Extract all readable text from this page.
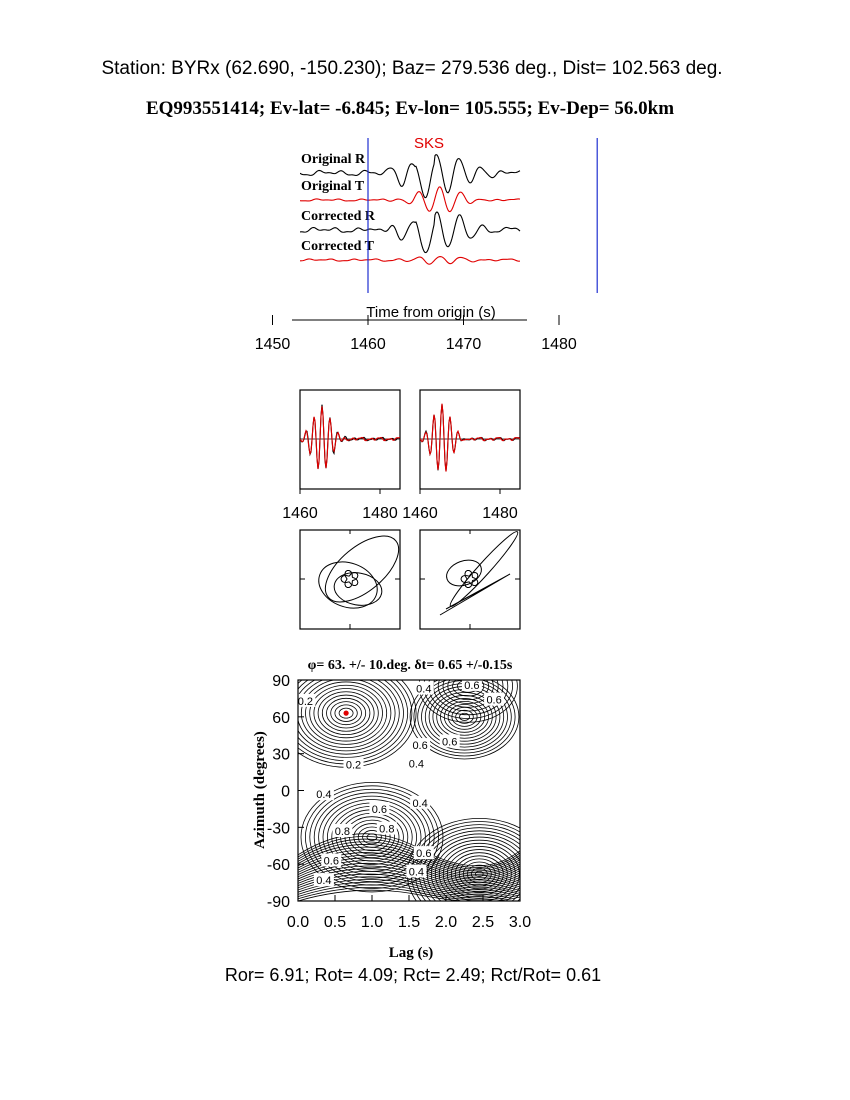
Station: BYRx (62.690, -150.230); Baz= 279.536 deg., Dist= 102.563 deg.
EQ993551414; Ev-lat= -6.845; Ev-lon= 105.555; Ev-Dep= 56.0km
SKS
Original R
Original T
Corrected R
Corrected T
Time from origin (s)
1450	1460	1470	1480
1460	1480 1460	1480
φ= 63. +/- 10.deg. δt= 0.65 +/-0.15s
0.2
0.4	0.6
0.6
0.6 0.6
0.4
0.2
0.4
0.6
0.4
0.8	0.8
0.6
0.6
0.4
0.4
0.0 0.5 1.0 1.5 2.0 2.5 3.0
90
60
30
0
-30
-60
-90
Lag (s)
Azimuth (degrees)
Ror= 6.91; Rot= 4.09; Rct= 2.49; Rct/Rot= 0.61
